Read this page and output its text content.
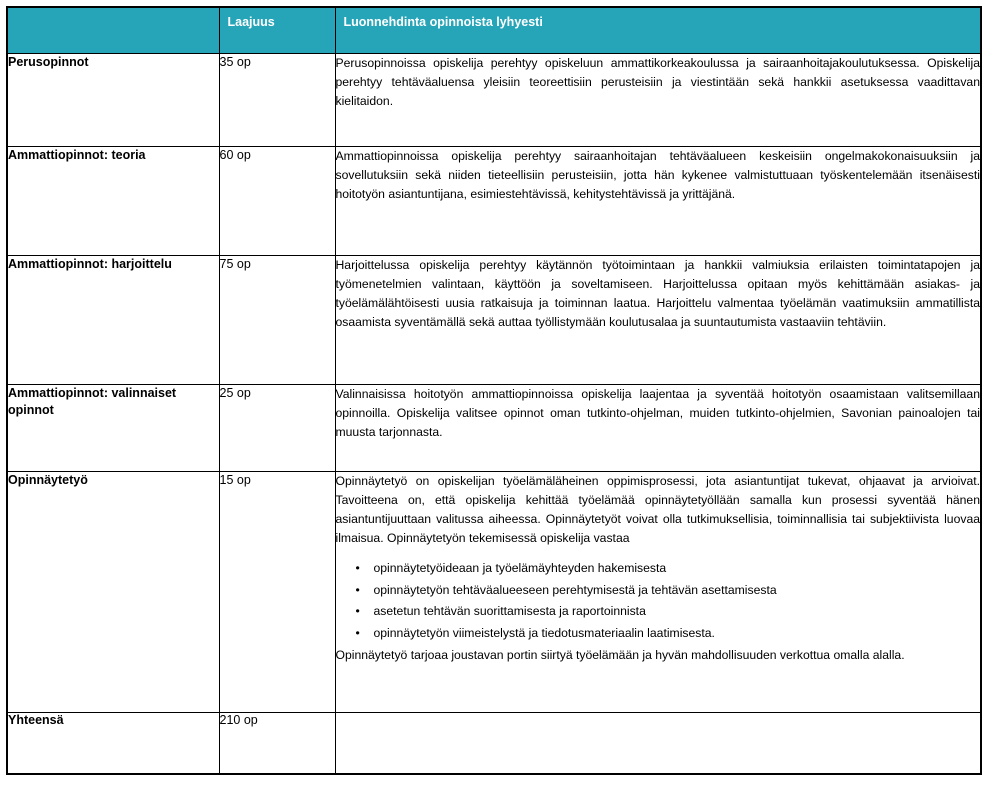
	Laajuus	Luonnehdinta opinnoista lyhyesti
Perusopinnot	35 op	Perusopinnoissa opiskelija perehtyy opiskeluun ammattikorkeakoulussa ja sairaanhoitajakoulutuksessa. Opiskelija perehtyy tehtäväaluensa yleisiin teoreettisiin perusteisiin ja viestintään sekä hankkii asetuksessa vaadittavan kielitaidon.

Ammattiopinnot: teoria	60 op	Ammattiopinnoissa opiskelija perehtyy sairaanhoitajan tehtäväalueen keskeisiin ongelmakokonaisuuksiin ja sovellutuksiin sekä niiden tieteellisiin perusteisiin, jotta hän kykenee valmistuttuaan työskentelemään itsenäisesti hoitotyön asiantuntijana, esimiestehtävissä, kehitystehtävissä ja yrittäjänä.

Ammattiopinnot: harjoittelu	75 op	Harjoittelussa opiskelija perehtyy käytännön työtoimintaan ja hankkii valmiuksia erilaisten toimintatapojen ja työmenetelmien valintaan, käyttöön ja soveltamiseen. Harjoittelussa opitaan myös kehittämään asiakas- ja työelämälähtöisesti uusia ratkaisuja ja toiminnan laatua. Harjoittelu valmentaa työelämän vaatimuksiin ammatillista osaamista syventämällä sekä auttaa työllistymään koulutusalaa ja suuntautumista vastaaviin tehtäviin.

Ammattiopinnot: valinnaiset opinnot	25 op	Valinnaisissa hoitotyön ammattiopinnoissa opiskelija laajentaa ja syventää hoitotyön osaamistaan valitsemillaan opinnoilla. Opiskelija valitsee opinnot oman tutkinto-ohjelman, muiden tutkinto-ohjelmien, Savonian painoalojen tai muusta tarjonnasta.

Opinnäytetyö	15 op	Opinnäytetyö on opiskelijan työelämäläheinen oppimisprosessi, jota asiantuntijat tukevat, ohjaavat ja arvioivat. Tavoitteena on, että opiskelija kehittää työelämää opinnäytetyöllään samalla kun prosessi syventää hänen asiantuntijuuttaan valitussa aiheessa. Opinnäytetyöt voivat olla tutkimuksellisia, toiminnallisia tai subjektiivista luovaa ilmaisua. Opinnäytetyön tekemisessä opiskelija vastaa

• opinnäytetyöideaan ja työelämäyhteyden hakemisesta
• opinnäytetyön tehtäväalueeseen perehtymisestä ja tehtävän asettamisesta
• asetetun tehtävän suorittamisesta ja raportoinnista
• opinnäytetyön viimeistelystä ja tiedotusmateriaalin laatimisesta.

Opinnäytetyö tarjoaa joustavan portin siirtyä työelämään ja hyvän mahdollisuuden verkottua omalla alalla.

Yhteensä	210 op	
